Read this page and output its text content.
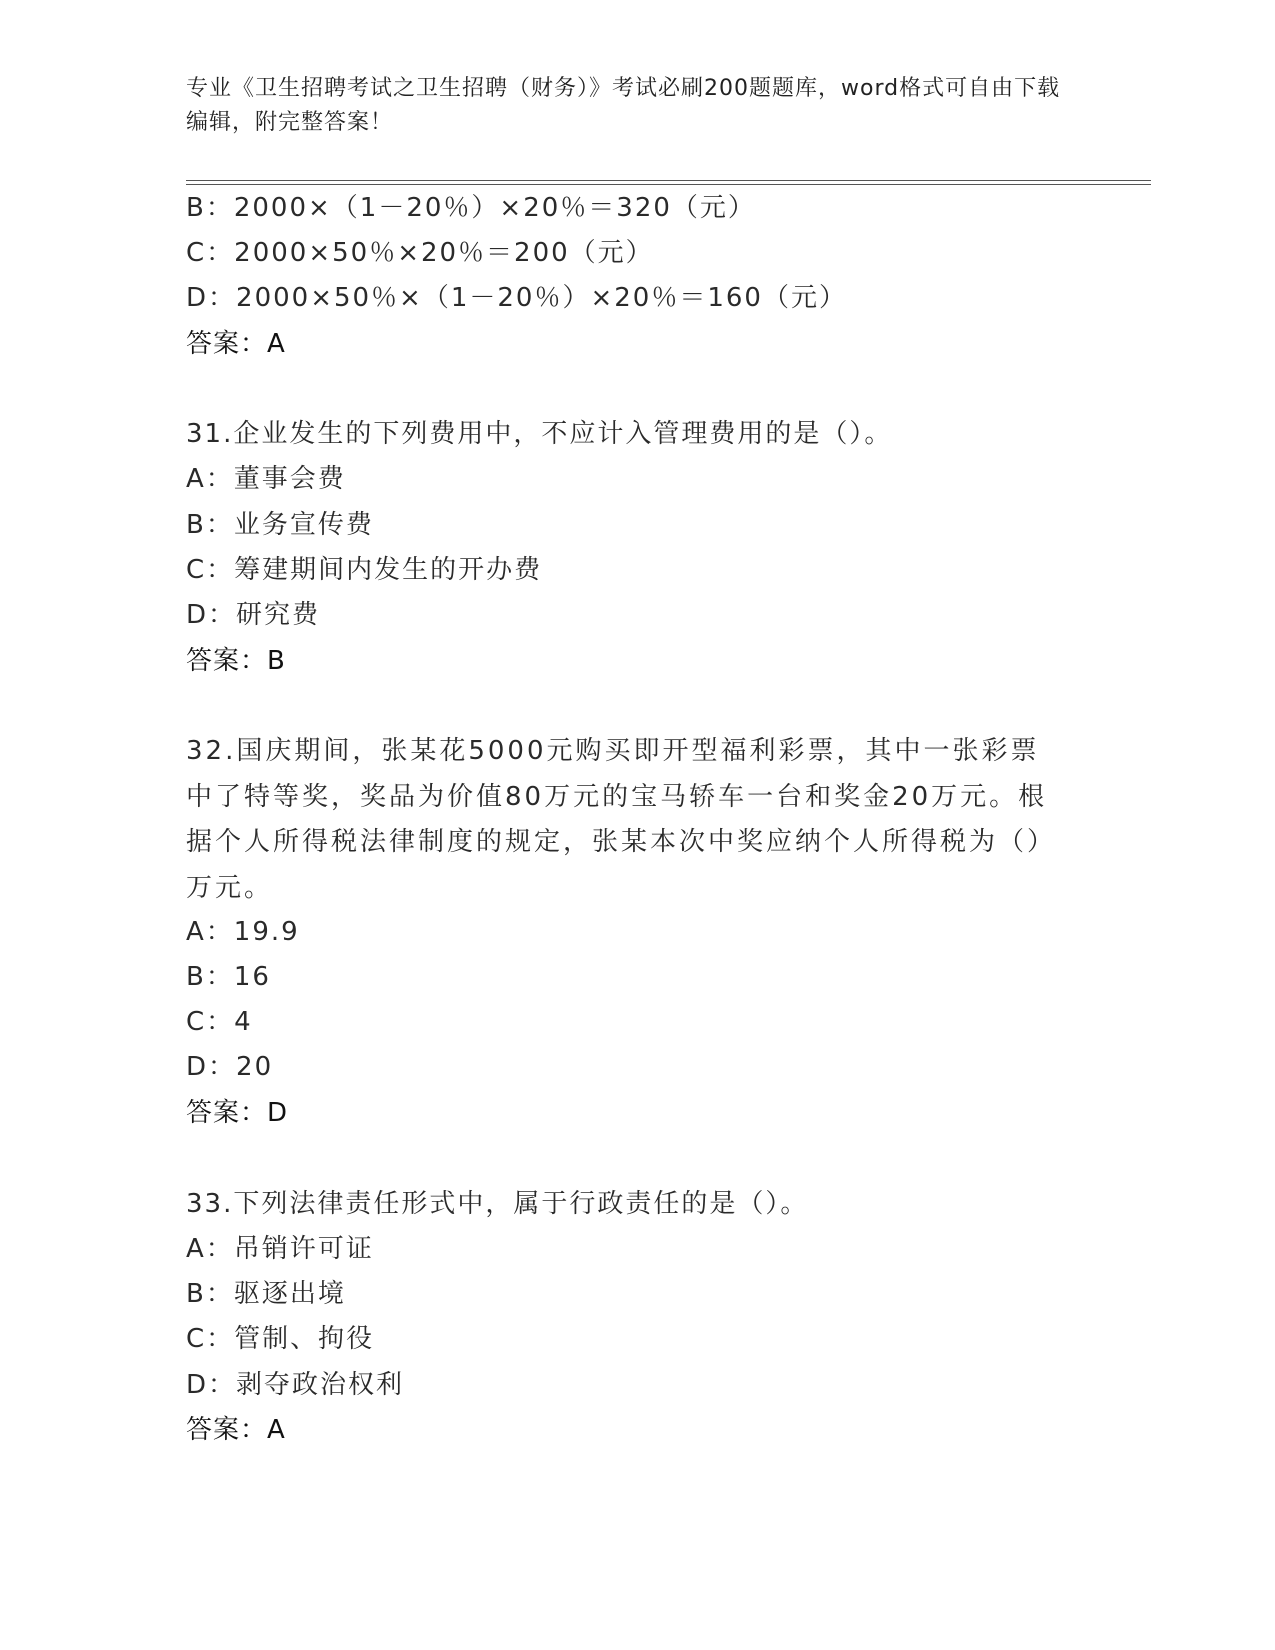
专业《卫生招聘考试之卫生招聘（财务）》考试必刷200题题库，word格式可自由下载编辑，附完整答案！
B：2000×（1－20％）×20％＝320（元）
C：2000×50％×20％＝200（元）
D：2000×50％×（1－20％）×20％＝160（元）
答案：A
31.企业发生的下列费用中，不应计入管理费用的是（）。
A：董事会费
B：业务宣传费
C：筹建期间内发生的开办费
D：研究费
答案：B
32.国庆期间，张某花5000元购买即开型福利彩票，其中一张彩票中了特等奖，奖品为价值80万元的宝马轿车一台和奖金20万元。根据个人所得税法律制度的规定，张某本次中奖应纳个人所得税为（）万元。
A：19.9
B：16
C：4
D：20
答案：D
33.下列法律责任形式中，属于行政责任的是（）。
A：吊销许可证
B：驱逐出境
C：管制、拘役
D：剥夺政治权利
答案：A
